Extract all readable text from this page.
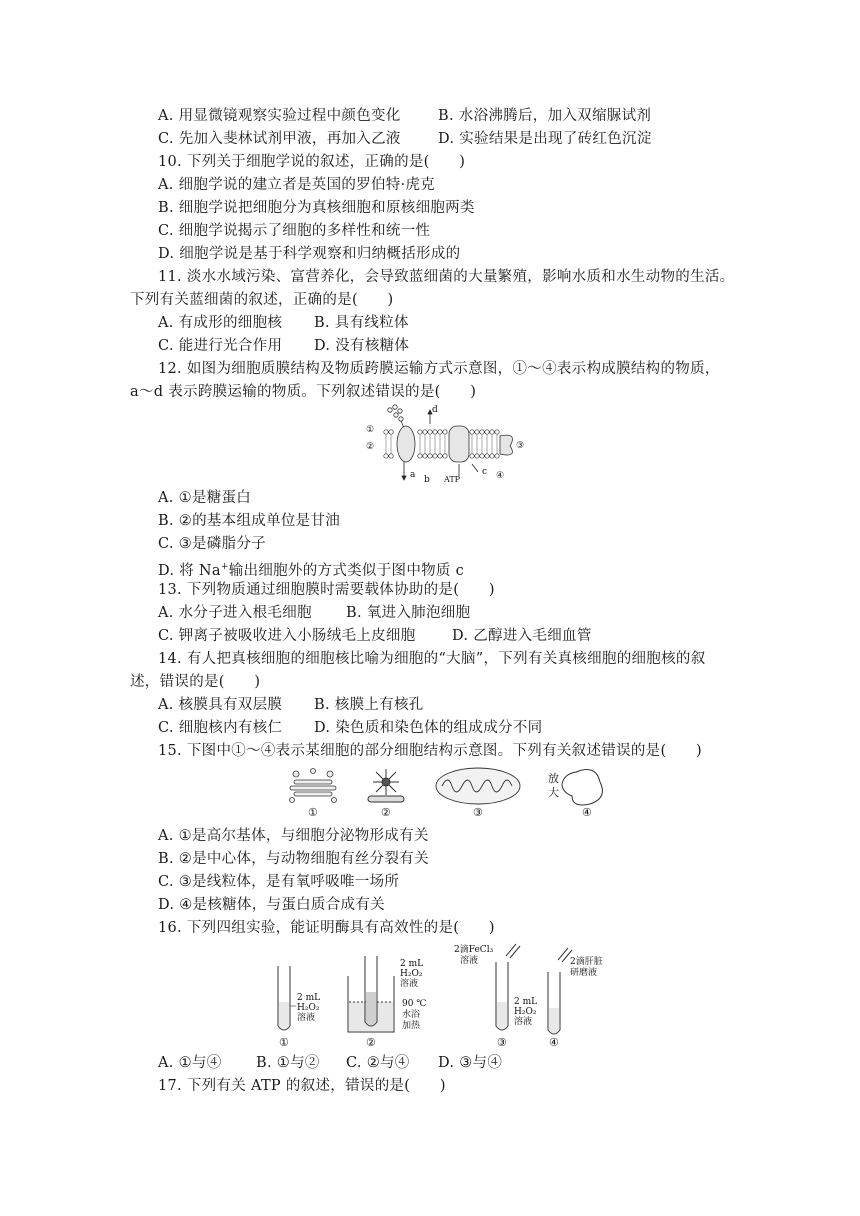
A. 用显微镜观察实验过程中颜色变化	B. 水浴沸腾后，加入双缩脲试剂
C. 先加入斐林试剂甲液，再加入乙液	D. 实验结果是出现了砖红色沉淀
10. 下列关于细胞学说的叙述，正确的是(　　)
A. 细胞学说的建立者是英国的罗伯特·虎克
B. 细胞学说把细胞分为真核细胞和原核细胞两类
C. 细胞学说揭示了细胞的多样性和统一性
D. 细胞学说是基于科学观察和归纳概括形成的
11. 淡水水域污染、富营养化，会导致蓝细菌的大量繁殖，影响水质和水生动物的生活。
下列有关蓝细菌的叙述，正确的是(　　)
A. 有成形的细胞核 B. 具有线粒体
C. 能进行光合作用 D. 没有核糖体
12. 如图为细胞质膜结构及物质跨膜运输方式示意图，①～④表示构成膜结构的物质，
a～d 表示跨膜运输的物质。下列叙述错误的是(　　)
①
②	③
④
a b
c
d
ATP
A. ①是糖蛋白
B. ②的基本组成单位是甘油
C. ③是磷脂分子
D. 将 Na+输出细胞外的方式类似于图中物质 c
13. 下列物质通过细胞膜时需要载体协助的是(　　)
A. 水分子进入根毛细胞 B. 氧进入肺泡细胞
C. 钾离子被吸收进入小肠绒毛上皮细胞	D. 乙醇进入毛细血管
14. 有人把真核细胞的细胞核比喻为细胞的“大脑”，下列有关真核细胞的细胞核的叙
述，错误的是(　　)
A. 核膜具有双层膜 B. 核膜上有核孔
C. 细胞核内有核仁 D. 染色质和染色体的组成成分不同
15. 下图中①～④表示某细胞的部分细胞结构示意图。下列有关叙述错误的是(　　)
放
大
①	②	③	④
A. ①是高尔基体，与细胞分泌物形成有关
B. ②是中心体，与动物细胞有丝分裂有关
C. ③是线粒体，是有氧呼吸唯一场所
D. ④是核糖体，与蛋白质合成有关
16. 下列四组实验，能证明酶具有高效性的是(　　)
2 mL
H₂O₂
溶液
2 mL
H₂O₂
溶液
90 ℃
水浴
加热
2滴FeCl₃
溶液
2 mL
H₂O₂
溶液
2滴肝脏
研磨液
①	②	③	④
A. ①与④ B. ①与② C. ②与④ D. ③与④
17. 下列有关 ATP 的叙述，错误的是(　　)
